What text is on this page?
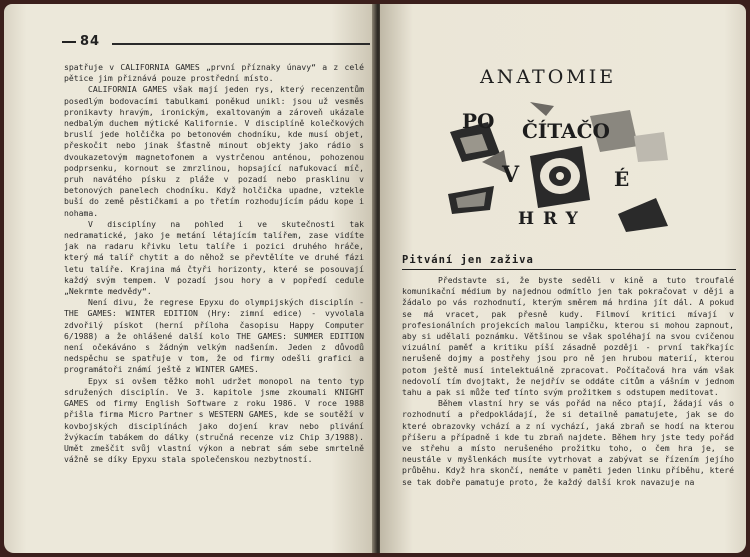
84

spatřuje v CALIFORNIA GAMES „první příznaky únavy“ a z celé pětice jim přiznává pouze prostřední místo.

CALIFORNIA GAMES však mají jeden rys, který recenzentům posedlým bodovacími tabulkami poněkud unikl: jsou už vesměs pronikavty hravým, ironickým, exaltovaným a zároveň ukázale nedbalým duchem mýtické Kalifornie. V disciplíně kolečkových bruslí jede holčička po betonovém chodníku, kde musí objet, přeskočit nebo jinak šťastně minout objekty jako rádio s dvoukazetovým magnetofonem a vystrčenou anténou, pohozenou podprsenku, kornout se zmrzlinou, hopsající nafukovací míč, pruh navátého písku z pláže v pozadí nebo prasklinu v betonových panelech chodníku. Když holčička upadne, vztekle buší do země pěstičkami a po třetím rozhodujícím pádu kope i nohama.

V disciplíny na pohled i ve skutečnosti tak nedramatické, jako je metání létajícím talířem, zase vidíte jak na radaru křivku letu talíře i pozici druhého hráče, který má talíř chytit a do něhož se převtělíte ve druhé fázi letu talíře. Krajina má čtyři horizonty, které se posouvají každý svým tempem. V pozadí jsou hory a v popředí cedule „Nekrmte medvědy“.

Není divu, že regrese Epyxu do olympijských disciplín - THE GAMES: WINTER EDITION (Hry: zimní edice) - vyvolala zdvořilý pískot (herní příloha časopisu Happy Computer 6/1988) a že ohlášené další kolo THE GAMES: SUMMER EDITION není očekáváno s žádným velkým nadšením. Jeden z důvodů nedspěchu se spatřuje v tom, že od firmy odešli grafici a programátoři známí ještě z WINTER GAMES.

Epyx si ovšem těžko mohl udržet monopol na tento typ sdružených disciplín. Ve 3. kapitole jsme zkoumali KNIGHT GAMES od firmy English Software z roku 1986. V roce 1988 přišla firma Micro Partner s WESTERN GAMES, kde se soutěží v kovbojských disciplínách jako dojení krav nebo plivání žvýkacím tabákem do dálky (stručná recenze viz Chip 3/1988). Umět zmeščit svůj vlastní výkon a nebrat sám sebe smrtelně vážně se díky Epyxu stala společenskou nezbytností.

ANATOMIE
PO ČÍTAČO
V	É
HRY
Pitvání jen zaživa

Představte si, že byste seděli v kině a tuto troufalé komunikační médium by najednou odmítlo jen tak pokračovat v ději a žádalo po vás rozhodnutí, kterým směrem má hrdina jít dál. A pokud se má vracet, pak přesně kudy. Filmoví kritici mívají v profesionálních projekcích malou lampičku, kterou si mohou zapnout, aby si udělali poznámku. Většinou se však spoléhají na svou cvičenou vizuální paměť a kritiku píší zásadně později - první takřkajíc nerušeně dojmy a postřehy jsou pro ně jen hrubou materií, kterou potom ještě musí intelektuálně zpracovat. Počítačová hra vám však nedovolí tím dvojtakt, že nejdřív se oddáte citům a vášním v jednom tahu a pak si může teď tínto svým prožitkem s odstupem meditovat.

Během vlastní hry se vás pořád na něco ptají, žádají vás o rozhodnutí a předpokládají, že si detailně pamatujete, jak se do které obrazovky vchází a z ní vychází, jaká zbraň se hodí na kterou příšeru a případně i kde tu zbraň najdete. Během hry jste tedy pořád ve střehu a místo nerušeného prožitku toho, o čem hra je, se neustále v myšlenkách musíte vytrhovat a zabývat se řízením jejího průběhu. Když hra skončí, nemáte v paměti jeden linku příběhu, které se tak dobře pamatuje proto, že každý další krok navazuje na
